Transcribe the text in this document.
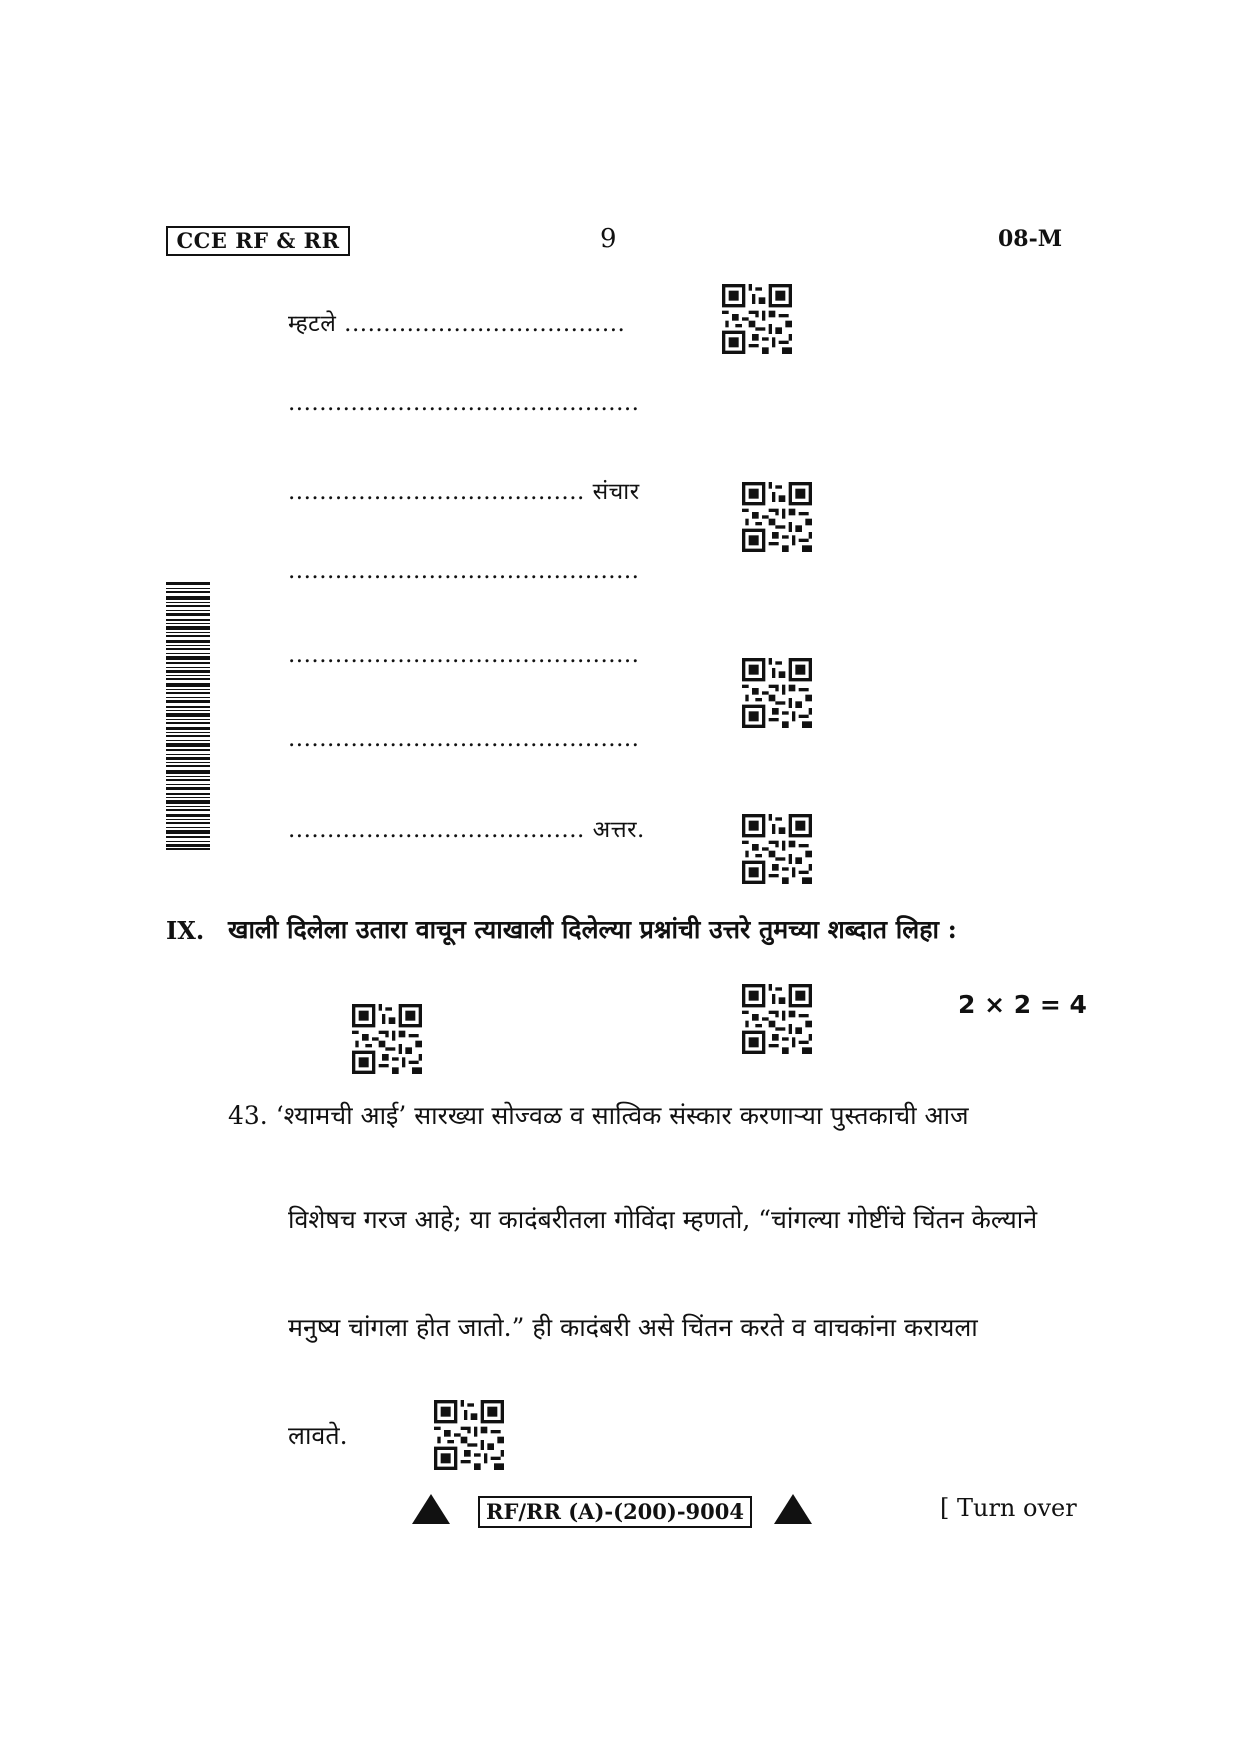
CCE RF & RR	9	08-M
म्हटले ....................................
.............................................
...................................... संचार
.............................................
.............................................
.............................................
...................................... अत्तर.
IX. खाली दिलेला उतारा वाचून त्याखाली दिलेल्या प्रश्नांची उत्तरे तुमच्या शब्दात लिहा :
2 × 2 = 4
43. ‘श्यामची आई’ सारख्या सोज्वळ व सात्विक संस्कार करणाऱ्या पुस्तकाची आज
विशेषच गरज आहे; या कादंबरीतला गोविंदा म्हणतो, “चांगल्या गोष्टींचे चिंतन केल्याने
मनुष्य चांगला होत जातो.” ही कादंबरी असे चिंतन करते व वाचकांना करायला
लावते.
RF/RR (A)-(200)-9004	[ Turn over
